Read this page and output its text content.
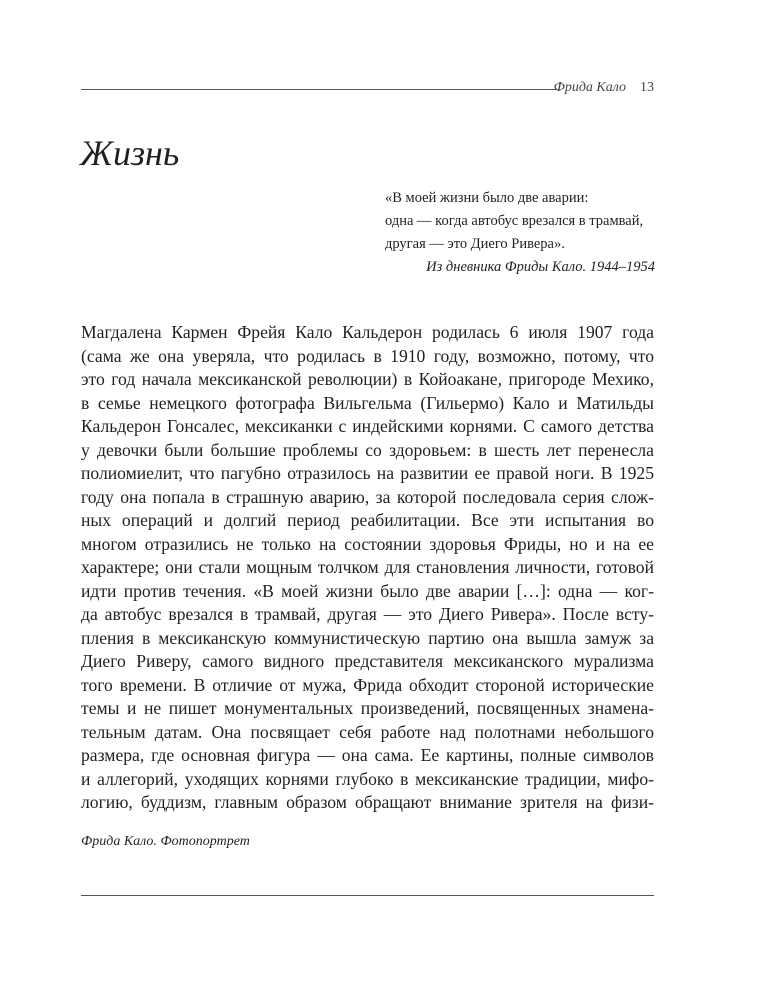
Фрида Кало 13
Жизнь
«В моей жизни было две аварии:
одна — когда автобус врезался в трамвай,
другая — это Диего Ривера».
Из дневника Фриды Кало. 1944–1954
Магдалена Кармен Фрейя Кало Кальдерон родилась 6 июля 1907 года
(сама же она уверяла, что родилась в 1910 году, возможно, потому, что
это год начала мексиканской революции) в Койоакане, пригороде Мехико,
в семье немецкого фотографа Вильгельма (Гильермо) Кало и Матильды
Кальдерон Гонсалес, мексиканки с индейскими корнями. С самого детства
у девочки были большие проблемы со здоровьем: в шесть лет перенесла
полиомиелит, что пагубно отразилось на развитии ее правой ноги. В 1925
году она попала в страшную аварию, за которой последовала серия слож-
ных операций и долгий период реабилитации. Все эти испытания во
многом отразились не только на состоянии здоровья Фриды, но и на ее
характере; они стали мощным толчком для становления личности, готовой
идти против течения. «В моей жизни было две аварии […]: одна — ког-
да автобус врезался в трамвай, другая — это Диего Ривера». После всту-
пления в мексиканскую коммунистическую партию она вышла замуж за
Диего Риверу, самого видного представителя мексиканского мурализма
того времени. В отличие от мужа, Фрида обходит стороной исторические
темы и не пишет монументальных произведений, посвященных знамена-
тельным датам. Она посвящает себя работе над полотнами небольшого
размера, где основная фигура — она сама. Ее картины, полные символов
и аллегорий, уходящих корнями глубоко в мексиканские традиции, мифо-
логию, буддизм, главным образом обращают внимание зрителя на физи-
Фрида Кало. Фотопортрет
